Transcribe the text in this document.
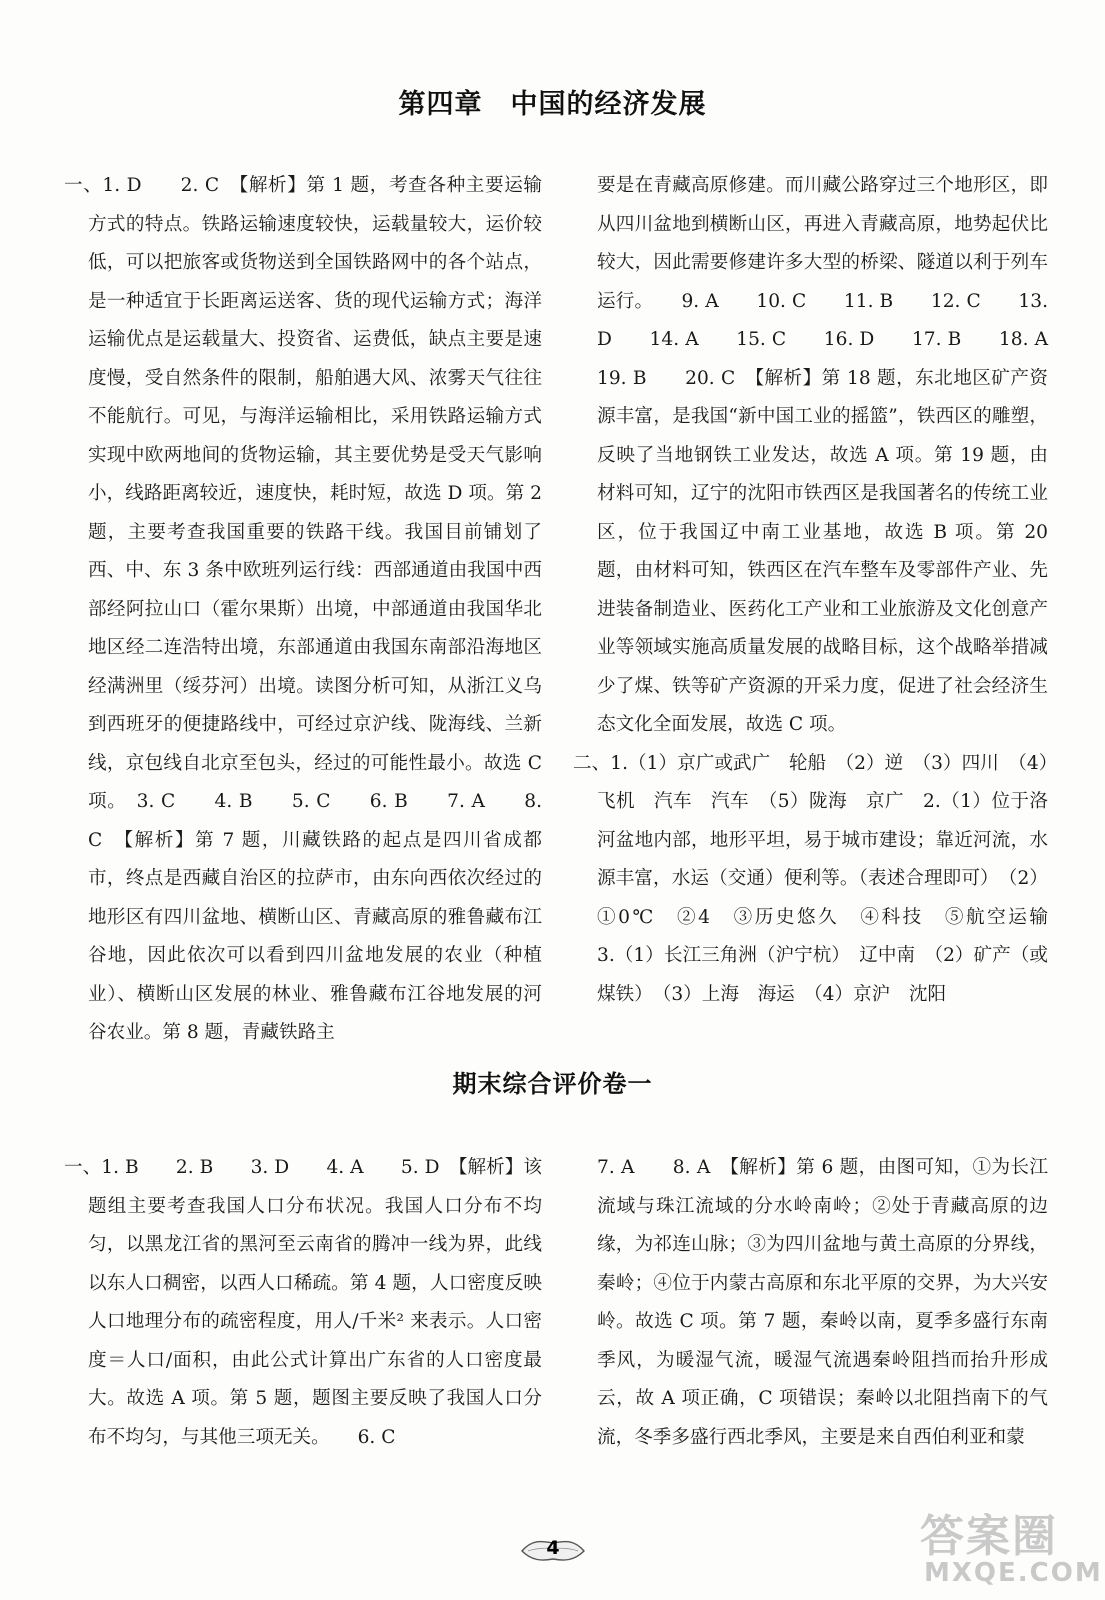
第四章　中国的经济发展

一、1. D　　2. C　【解析】第 1 题，考查各种主要运输方式的特点。铁路运输速度较快，运载量较大，运价较低，可以把旅客或货物送到全国铁路网中的各个站点，是一种适宜于长距离运送客、货的现代运输方式；海洋运输优点是运载量大、投资省、运费低，缺点主要是速度慢，受自然条件的限制，船舶遇大风、浓雾天气往往不能航行。可见，与海洋运输相比，采用铁路运输方式实现中欧两地间的货物运输，其主要优势是受天气影响小，线路距离较近，速度快，耗时短，故选 D 项。第 2 题，主要考查我国重要的铁路干线。我国目前铺划了西、中、东 3 条中欧班列运行线：西部通道由我国中西部经阿拉山口（霍尔果斯）出境，中部通道由我国华北地区经二连浩特出境，东部通道由我国东南部沿海地区经满洲里（绥芬河）出境。读图分析可知，从浙江义乌到西班牙的便捷路线中，可经过京沪线、陇海线、兰新线，京包线自北京至包头，经过的可能性最小。故选 C 项。　3. C　　4. B　　5. C　　6. B　　7. A　　8. C　【解析】第 7 题，川藏铁路的起点是四川省成都市，终点是西藏自治区的拉萨市，由东向西依次经过的地形区有四川盆地、横断山区、青藏高原的雅鲁藏布江谷地，因此依次可以看到四川盆地发展的农业（种植业）、横断山区发展的林业、雅鲁藏布江谷地发展的河谷农业。第 8 题，青藏铁路主

要是在青藏高原修建。而川藏公路穿过三个地形区，即从四川盆地到横断山区，再进入青藏高原，地势起伏比较大，因此需要修建许多大型的桥梁、隧道以利于列车运行。　　9. A　　10. C　　11. B　　12. C　　13. D　　14. A　　15. C　　16. D　　17. B　　18. A　　19. B　　20. C　【解析】第 18 题，东北地区矿产资源丰富，是我国“新中国工业的摇篮”，铁西区的雕塑，反映了当地钢铁工业发达，故选 A 项。第 19 题，由材料可知，辽宁的沈阳市铁西区是我国著名的传统工业区，位于我国辽中南工业基地，故选 B 项。第 20 题，由材料可知，铁西区在汽车整车及零部件产业、先进装备制造业、医药化工产业和工业旅游及文化创意产业等领域实施高质量发展的战略目标，这个战略举措减少了煤、铁等矿产资源的开采力度，促进了社会经济生态文化全面发展，故选 C 项。

二、1.（1）京广或武广　轮船　（2）逆　（3）四川　（4）飞机　汽车　汽车　（5）陇海　京广　2.（1）位于洛河盆地内部，地形平坦，易于城市建设；靠近河流，水源丰富，水运（交通）便利等。（表述合理即可）　（2）①0℃　②4　③历史悠久　④科技　⑤航空运输　　3.（1）长江三角洲（沪宁杭）　辽中南　（2）矿产（或煤铁）　（3）上海　海运　（4）京沪　沈阳

期末综合评价卷一

一、1. B　　2. B　　3. D　　4. A　　5. D　【解析】该题组主要考查我国人口分布状况。我国人口分布不均匀，以黑龙江省的黑河至云南省的腾冲一线为界，此线以东人口稠密，以西人口稀疏。第 4 题，人口密度反映人口地理分布的疏密程度，用人/千米² 来表示。人口密度＝人口/面积，由此公式计算出广东省的人口密度最大。故选 A 项。第 5 题，题图主要反映了我国人口分布不均匀，与其他三项无关。　　6. C

7. A　　8. A　【解析】第 6 题，由图可知，①为长江流域与珠江流域的分水岭南岭；②处于青藏高原的边缘，为祁连山脉；③为四川盆地与黄土高原的分界线，秦岭；④位于内蒙古高原和东北平原的交界，为大兴安岭。故选 C 项。第 7 题，秦岭以南，夏季多盛行东南季风，为暖湿气流，暖湿气流遇秦岭阻挡而抬升形成云，故 A 项正确，C 项错误；秦岭以北阻挡南下的气流，冬季多盛行西北季风，主要是来自西伯利亚和蒙

4	答案圈
MXQE.COM
